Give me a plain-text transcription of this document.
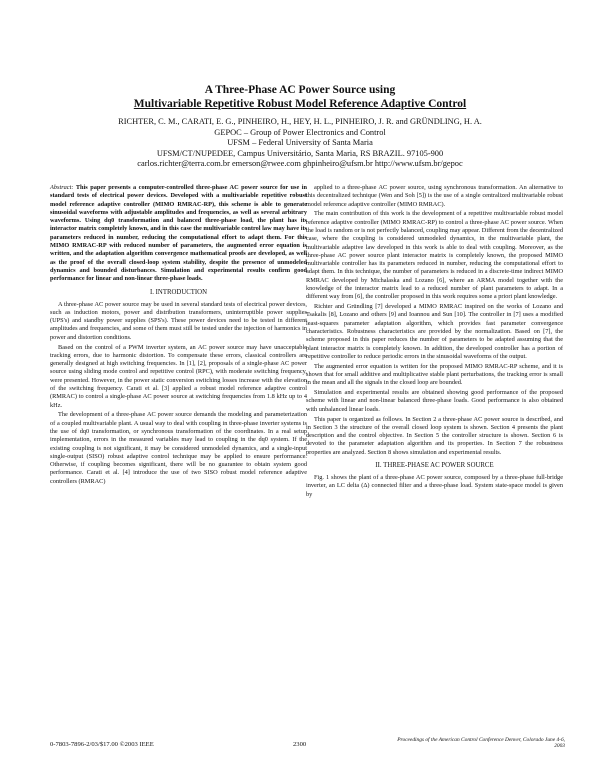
A Three-Phase AC Power Source using
Multivariable Repetitive Robust Model Reference Adaptive Control
RICHTER, C. M., CARATI, E. G., PINHEIRO, H., HEY, H. L., PINHEIRO, J. R. and GRÜNDLING, H. A.
GEPOC – Group of Power Electronics and Control
UFSM – Federal University of Santa Maria
UFSM/CT/NUPEDEE, Campus Universitário, Santa Maria, RS BRAZIL. 97105-900
carlos.richter@terra.com.br emerson@rwee.com ghpinheiro@ufsm.br http://www.ufsm.br/gepoc

Abstract: This paper presents a computer-controlled three-phase AC power source for use in standard tests of electrical power devices. Developed with a multivariable repetitive robust model reference adaptive controller (MIMO RMRAC-RP), this scheme is able to generate sinusoidal waveforms with adjustable amplitudes and frequencies, as well as several arbitrary waveforms. Using dq0 transformation and balanced three-phase load, the plant has its interactor matrix completely known, and in this case the multivariable control law may have its parameters reduced in number, reducing the computational effort to adapt them. For this MIMO RMRAC-RP with reduced number of parameters, the augmented error equation is written, and the adaptation algorithm convergence mathematical proofs are developed, as well as the proof of the overall closed-loop system stability, despite the presence of unmodeled dynamics and bounded disturbances. Simulation and experimental results confirm good performance for linear and non-linear three-phase loads.

I. INTRODUCTION

A three-phase AC power source may be used in several standard tests of electrical power devices, such as induction motors, power and distribution transformers, uninterruptible power supplies (UPS's) and standby power supplies (SPS's). These power devices need to be tested in different amplitudes and frequencies, and some of them must still be tested under the injection of harmonics in power and distortion conditions.

Based on the control of a PWM inverter system, an AC power source may have unacceptable tracking errors, due to harmonic distortion. To compensate these errors, classical controllers are generally designed at high switching frequencies. In [1], [2], proposals of a single-phase AC power source using sliding mode control and repetitive control (RPC), with moderate switching frequency, were presented. However, in the power static conversion switching losses increase with the elevation of the switching frequency. Carati et al. [3] applied a robust model reference adaptive control (RMRAC) to control a single-phase AC power source at switching frequencies from 1.8 kHz up to 4 kHz.

The development of a three-phase AC power source demands the modeling and parameterization of a coupled multivariable plant. A usual way to deal with coupling in three-phase inverter systems is the use of dq0 transformation, or synchronous transformation of the coordinates. In a real setup implementation, errors in the measured variables may lead to coupling in the dq0 system. If the existing coupling is not significant, it may be considered unmodeled dynamics, and a single-input single-output (SISO) robust adaptive control technique may be applied to ensure performance. Otherwise, if coupling becomes significant, there will be no guarantee to obtain system good performance. Carati et al. [4] introduce the use of two SISO robust model reference adaptive controllers (RMRAC)

applied to a three-phase AC power source, using synchronous transformation. An alternative to this decentralized technique (Wen and Soh [5]) is the use of a single centralized multivariable robust model reference adaptive controller (MIMO RMRAC).

The main contribution of this work is the development of a repetitive multivariable robust model reference adaptive controller (MIMO RMRAC-RP) to control a three-phase AC power source. When the load is random or is not perfectly balanced, coupling may appear. Different from the decentralized case, where the coupling is considered unmodeled dynamics, in the multivariable plant, the multivariable adaptive law developed in this work is able to deal with coupling. Moreover, as the three-phase AC power source plant interactor matrix is completely known, the proposed MIMO multivariable controller has its parameters reduced in number, reducing the computational effort to adapt them. In this technique, the number of parameters is reduced in a discrete-time indirect MIMO RMRAC developed by Michalaska and Lozano [6], where an ARMA model together with the knowledge of the interactor matrix lead to a reduced number of plant parameters to adapt. In a different way from [6], the controller proposed in this work requires some a priori plant knowledge.

Richter and Gründling [7] developed a MIMO RMRAC inspired on the works of Lozano and Tsakalis [8], Lozano and others [9] and Ioannou and Sun [10]. The controller in [7] uses a modified least-squares parameter adaptation algorithm, which provides fast parameter convergence characteristics. Robustness characteristics are provided by the normalization. Based on [7], the scheme proposed in this paper reduces the number of parameters to be adapted assuming that the plant interactor matrix is completely known. In addition, the developed controller has a portion of repetitive controller to reduce periodic errors in the sinusoidal waveforms of the output.

The augmented error equation is written for the proposed MIMO RMRAC-RP scheme, and it is shown that for small additive and multiplicative stable plant perturbations, the tracking error is small in the mean and all the signals in the closed loop are bounded.

Simulation and experimental results are obtained showing good performance of the proposed scheme with linear and non-linear balanced three-phase loads. Good performance is also obtained with unbalanced linear loads.

This paper is organized as follows. In Section 2 a three-phase AC power source is described, and in Section 3 the structure of the overall closed loop system is shown. Section 4 presents the plant description and the control objective. In Section 5 the controller structure is shown. Section 6 is devoted to the parameter adaptation algorithm and its properties. In Section 7 the robustness properties are analyzed. Section 8 shows simulation and experimental results.

II. THREE-PHASE AC POWER SOURCE

Fig. 1 shows the plant of a three-phase AC power source, composed by a three-phase full-bridge inverter, an LC delta (Δ) connected filter and a three-phase load. System state-space model is given by

0-7803-7896-2/03/$17.00 ©2003 IEEE	2300
Proceedings of the American Control Conference Denver, Colorado June 4-6, 2003
